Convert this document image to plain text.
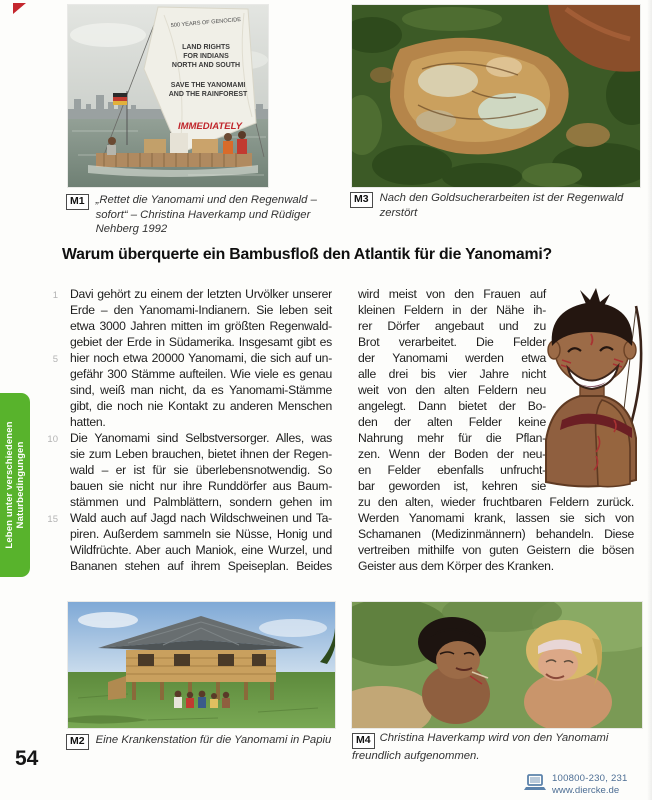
500 YEARS OF GENOCIDE
LAND RIGHTS
FOR INDIANS
NORTH AND SOUTH
SAVE THE YANOMAMI
AND THE RAINFOREST
IMMEDIATELY
M1 „Rettet die Yanomami und den Regenwald – sofort“ – Christina Haverkamp und Rüdiger Nehberg 1992
M3 Nach den Goldsucherarbeiten ist der Regenwald zerstört
Warum überquerte ein Bambusfloß den Atlantik für die Yanomami?
1
5
10
15
Davi gehört zu einem der letzten Urvölker unserer
Erde – den Yanomami-Indianern. Sie leben seit
etwa 3000 Jahren mitten im größten Regenwald-
gebiet der Erde in Südamerika. Insgesamt gibt es
hier noch etwa 20000 Yanomami, die sich auf un-
gefähr 300 Stämme aufteilen. Wie viele es genau
sind, weiß man nicht, da es Yanomami-Stämme
gibt, die noch nie Kontakt zu anderen Menschen
hatten.
Die Yanomami sind Selbstversorger. Alles, was
sie zum Leben brauchen, bietet ihnen der Regen-
wald – er ist für sie überlebensnotwendig. So
bauen sie nicht nur ihre Runddörfer aus Baum-
stämmen und Palmblättern, sondern gehen im
Wald auch auf Jagd nach Wildschweinen und Ta-
piren. Außerdem sammeln sie Nüsse, Honig und
Wildfrüchte. Aber auch Maniok, eine Wurzel, und
Bananen stehen auf ihrem Speiseplan. Beides
wird meist von den Frauen auf
kleinen Feldern in der Nähe ih-
rer Dörfer angebaut und zu
Brot verarbeitet. Die Felder
der Yanomami werden etwa
alle drei bis vier Jahre nicht
weit von den alten Feldern neu
angelegt. Dann bietet der Bo-
den der alten Felder keine
Nahrung mehr für die Pflan-
zen. Wenn der Boden der neu-
en Felder ebenfalls unfrucht-
bar geworden ist, kehren sie
zu den alten, wieder fruchtbaren Feldern zurück.
Werden Yanomami krank, lassen sie sich von
Schamanen (Medizinmännern) behandeln. Diese
vertreiben mithilfe von guten Geistern die bösen
Geister aus dem Körper des Kranken.
Leben unter verschiedenen Naturbedingungen
M2 Eine Krankenstation für die Yanomami in Papiu	M4 Christina Haverkamp wird von den Yanomami freundlich aufgenommen.
54
100800-230, 231
www.diercke.de
